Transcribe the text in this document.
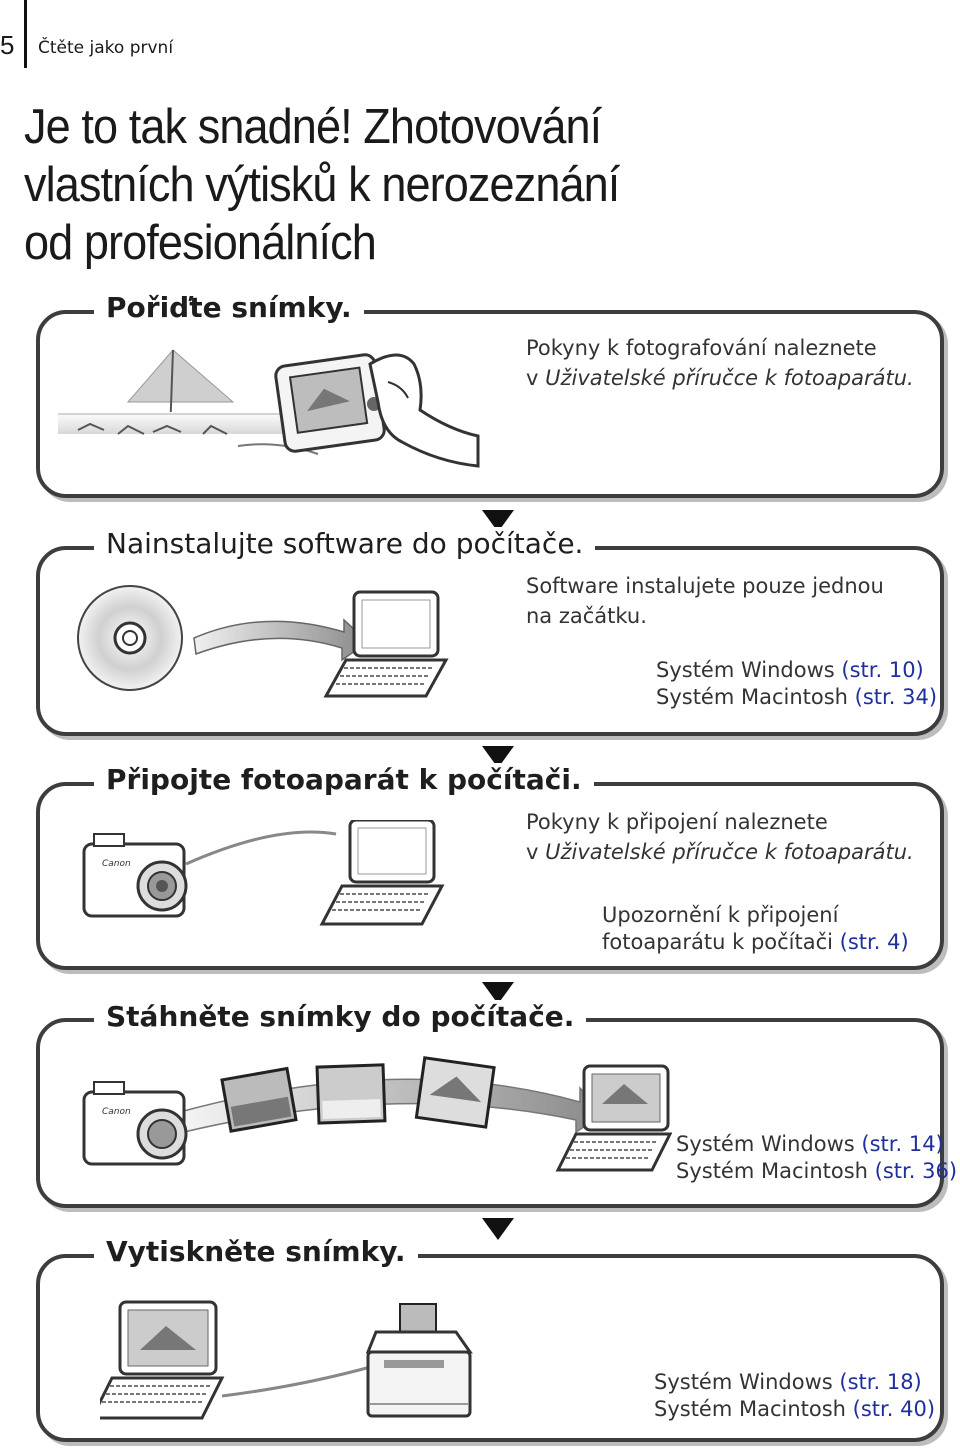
5 Čtěte jako první
Je to tak snadné! Zhotovování
vlastních výtisků k nerozeznání
od profesionálních
Pořiďte snímky.
Pokyny k fotografování naleznete
v Uživatelské příručce k fotoaparátu.
Nainstalujte software do počítače.
Software instalujete pouze jednou
na začátku.
Systém Windows (str. 10)
Systém Macintosh (str. 34)
Připojte fotoaparát k počítači.
Canon
Pokyny k připojení naleznete
v Uživatelské příručce k fotoaparátu.
Upozornění k připojení
fotoaparátu k počítači (str. 4)
Stáhněte snímky do počítače.
Canon
Systém Windows (str. 14)
Systém Macintosh (str. 36)
Vytiskněte snímky.
Systém Windows (str. 18)
Systém Macintosh (str. 40)
